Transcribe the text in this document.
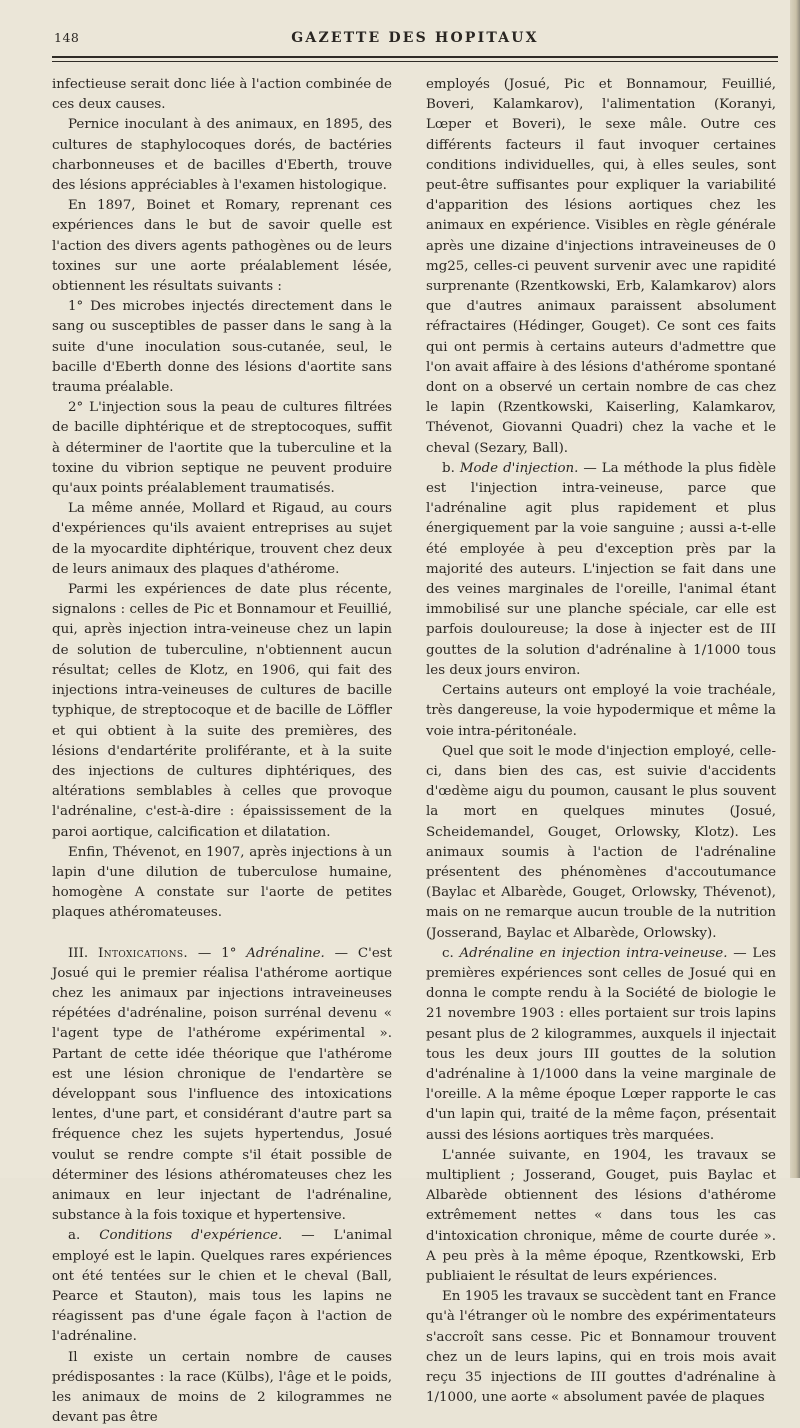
148	GAZETTE DES HOPITAUX

infectieuse serait donc liée à l'action combinée de ces deux causes.

Pernice inoculant à des animaux, en 1895, des cultures de staphylocoques dorés, de bactéries charbonneuses et de bacilles d'Eberth, trouve des lésions appréciables à l'examen histologique.

En 1897, Boinet et Romary, reprenant ces expériences dans le but de savoir quelle est l'action des divers agents pathogènes ou de leurs toxines sur une aorte préalablement lésée, obtiennent les résultats suivants :

1° Des microbes injectés directement dans le sang ou susceptibles de passer dans le sang à la suite d'une inoculation sous-cutanée, seul, le bacille d'Eberth donne des lésions d'aortite sans trauma préalable.

2° L'injection sous la peau de cultures filtrées de bacille diphtérique et de streptocoques, suffit à déterminer de l'aortite que la tuberculine et la toxine du vibrion septique ne peuvent produire qu'aux points préalablement traumatisés.

La même année, Mollard et Rigaud, au cours d'expériences qu'ils avaient entreprises au sujet de la myocardite diphtérique, trouvent chez deux de leurs animaux des plaques d'athérome.

Parmi les expériences de date plus récente, signalons : celles de Pic et Bonnamour et Feuillié, qui, après injection intra-veineuse chez un lapin de solution de tuberculine, n'obtiennent aucun résultat; celles de Klotz, en 1906, qui fait des injections intra-veineuses de cultures de bacille typhique, de streptocoque et de bacille de Löffler et qui obtient à la suite des premières, des lésions d'endartérite proliférante, et à la suite des injections de cultures diphtériques, des altérations semblables à celles que provoque l'adrénaline, c'est-à-dire : épaississement de la paroi aortique, calcification et dilatation.

Enfin, Thévenot, en 1907, après injections à un lapin d'une dilution de tuberculose humaine, homogène A constate sur l'aorte de petites plaques athéromateuses.

III. Intoxications. — 1° Adrénaline. — C'est Josué qui le premier réalisa l'athérome aortique chez les animaux par injections intraveineuses répétées d'adrénaline, poison surrénal devenu « l'agent type de l'athérome expérimental ». Partant de cette idée théorique que l'athérome est une lésion chronique de l'endartère se développant sous l'influence des intoxications lentes, d'une part, et considérant d'autre part sa fréquence chez les sujets hypertendus, Josué voulut se rendre compte s'il était possible de déterminer des lésions athéromateuses chez les animaux en leur injectant de l'adrénaline, substance à la fois toxique et hypertensive.

a. Conditions d'expérience. — L'animal employé est le lapin. Quelques rares expériences ont été tentées sur le chien et le cheval (Ball, Pearce et Stauton), mais tous les lapins ne réagissent pas d'une égale façon à l'action de l'adrénaline.

Il existe un certain nombre de causes prédisposantes : la race (Külbs), l'âge et le poids, les animaux de moins de 2 kilogrammes ne devant pas être

employés (Josué, Pic et Bonnamour, Feuillié, Boveri, Kalamkarov), l'alimentation (Koranyi, Lœper et Boveri), le sexe mâle. Outre ces différents facteurs il faut invoquer certaines conditions individuelles, qui, à elles seules, sont peut-être suffisantes pour expliquer la variabilité d'apparition des lésions aortiques chez les animaux en expérience. Visibles en règle générale après une dizaine d'injections intraveineuses de 0 mg25, celles-ci peuvent survenir avec une rapidité surprenante (Rzentkowski, Erb, Kalamkarov) alors que d'autres animaux paraissent absolument réfractaires (Hédinger, Gouget). Ce sont ces faits qui ont permis à certains auteurs d'admettre que l'on avait affaire à des lésions d'athérome spontané dont on a observé un certain nombre de cas chez le lapin (Rzentkowski, Kaiserling, Kalamkarov, Thévenot, Giovanni Quadri) chez la vache et le cheval (Sezary, Ball).

b. Mode d'injection. — La méthode la plus fidèle est l'injection intra-veineuse, parce que l'adrénaline agit plus rapidement et plus énergiquement par la voie sanguine ; aussi a-t-elle été employée à peu d'exception près par la majorité des auteurs. L'injection se fait dans une des veines marginales de l'oreille, l'animal étant immobilisé sur une planche spéciale, car elle est parfois douloureuse; la dose à injecter est de III gouttes de la solution d'adrénaline à 1/1000 tous les deux jours environ.

Certains auteurs ont employé la voie trachéale, très dangereuse, la voie hypodermique et même la voie intra-péritonéale.

Quel que soit le mode d'injection employé, celle-ci, dans bien des cas, est suivie d'accidents d'œdème aigu du poumon, causant le plus souvent la mort en quelques minutes (Josué, Scheidemandel, Gouget, Orlowsky, Klotz). Les animaux soumis à l'action de l'adrénaline présentent des phénomènes d'accoutumance (Baylac et Albarède, Gouget, Orlowsky, Thévenot), mais on ne remarque aucun trouble de la nutrition (Josserand, Baylac et Albarède, Orlowsky).

c. Adrénaline en injection intra-veineuse. — Les premières expériences sont celles de Josué qui en donna le compte rendu à la Société de biologie le 21 novembre 1903 : elles portaient sur trois lapins pesant plus de 2 kilogrammes, auxquels il injectait tous les deux jours III gouttes de la solution d'adrénaline à 1/1000 dans la veine marginale de l'oreille. A la même époque Lœper rapporte le cas d'un lapin qui, traité de la même façon, présentait aussi des lésions aortiques très marquées.

L'année suivante, en 1904, les travaux se multiplient ; Josserand, Gouget, puis Baylac et Albarède obtiennent des lésions d'athérome extrêmement nettes « dans tous les cas d'intoxication chronique, même de courte durée ». A peu près à la même époque, Rzentkowski, Erb publiaient le résultat de leurs expériences.

En 1905 les travaux se succèdent tant en France qu'à l'étranger où le nombre des expérimentateurs s'accroît sans cesse. Pic et Bonnamour trouvent chez un de leurs lapins, qui en trois mois avait reçu 35 injections de III gouttes d'adrénaline à 1/1000, une aorte « absolument pavée de plaques
